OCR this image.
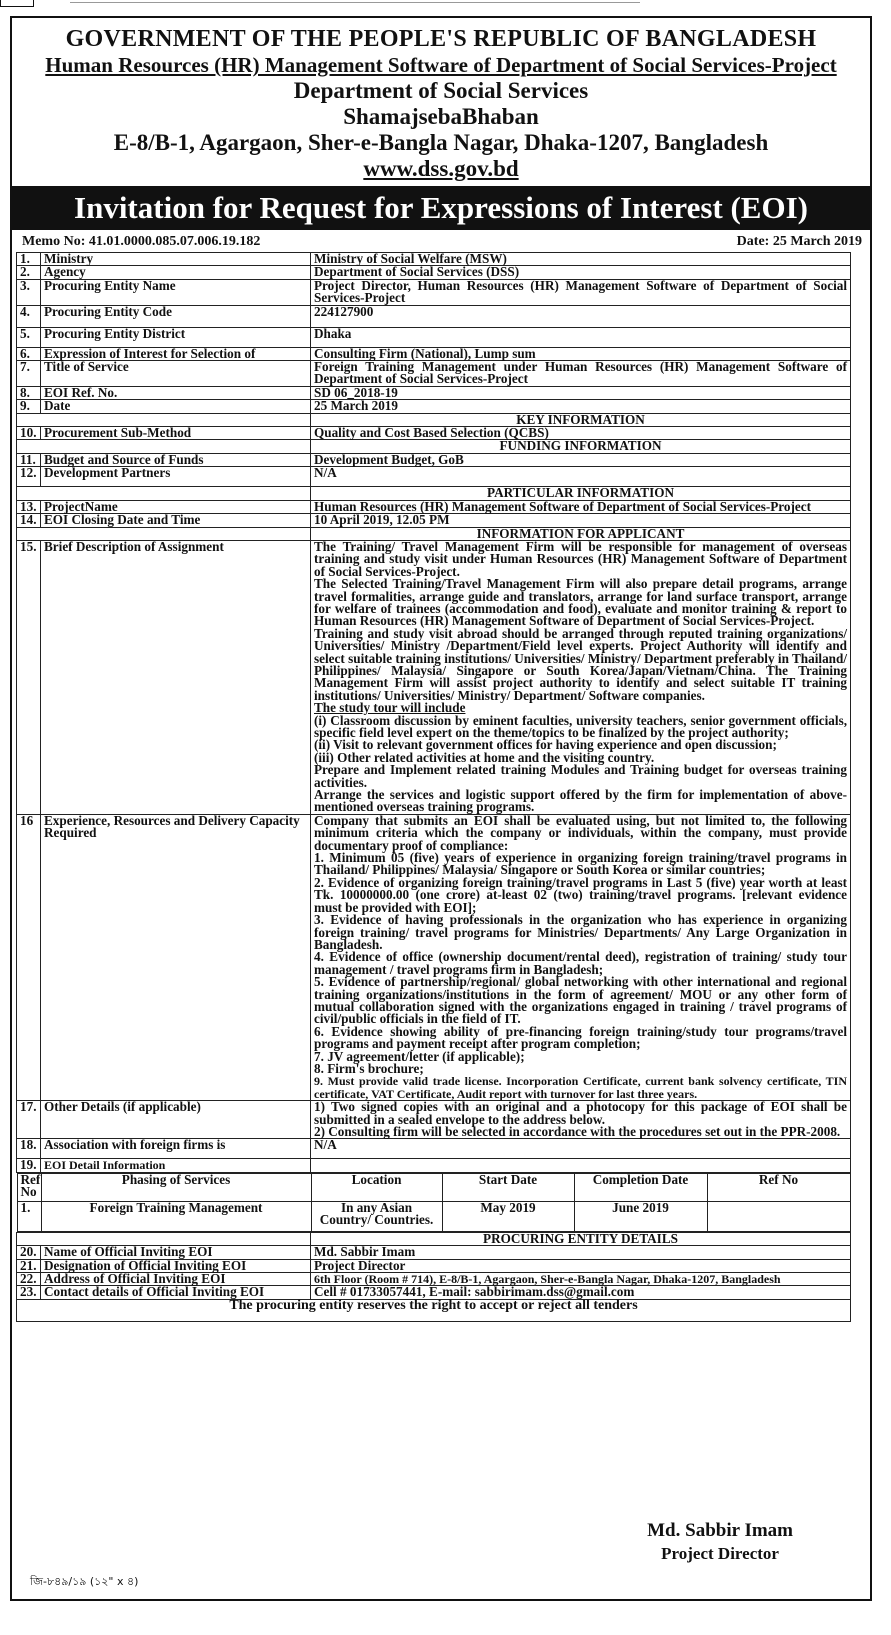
GOVERNMENT OF THE PEOPLE'S REPUBLIC OF BANGLADESH
Human Resources (HR) Management Software of Department of Social Services-Project
Department of Social Services
ShamajsebaBhaban
E-8/B-1, Agargaon, Sher-e-Bangla Nagar, Dhaka-1207, Bangladesh
www.dss.gov.bd
Invitation for Request for Expressions of Interest (EOI)
Memo No: 41.01.0000.085.07.006.19.182	Date: 25 March 2019
1.	Ministry	Ministry of Social Welfare (MSW)
2.	Agency	Department of Social Services (DSS)
3.	Procuring Entity Name	Project Director, Human Resources (HR) Management Software of Department of Social Services-Project
4.	Procuring Entity Code	224127900
5.	Procuring Entity District	Dhaka
6.	Expression of Interest for Selection of	Consulting Firm (National), Lump sum
7.	Title of Service	Foreign Training Management under Human Resources (HR) Management Software of Department of Social Services-Project
8.	EOI Ref. No.	SD 06_2018-19
9.	Date	25 March 2019
	KEY INFORMATION
10.	Procurement Sub-Method	Quality and Cost Based Selection (QCBS)
	FUNDING INFORMATION
11.	Budget and Source of Funds	Development Budget, GoB
12.	Development Partners	N/A
	PARTICULAR INFORMATION
13.	ProjectName	Human Resources (HR) Management Software of Department of Social Services-Project
14.	EOI Closing Date and Time	10 April 2019, 12.05 PM
	INFORMATION FOR APPLICANT
15.	Brief Description of Assignment	The Training/ Travel Management Firm will be responsible for management of overseas training and study visit under Human Resources (HR) Management Software of Department of Social Services-Project.
The Selected Training/Travel Management Firm will also prepare detail programs, arrange travel formalities, arrange guide and translators, arrange for land surface transport, arrange for welfare of trainees (accommodation and food), evaluate and monitor training & report to Human Resources (HR) Management Software of Department of Social Services-Project.
Training and study visit abroad should be arranged through reputed training organizations/ Universities/ Ministry /Department/Field level experts. Project Authority will identify and select suitable training institutions/ Universities/ Ministry/ Department preferably in Thailand/ Philippines/ Malaysia/ Singapore or South Korea/Japan/Vietnam/China. The Training Management Firm will assist project authority to identify and select suitable IT training institutions/ Universities/ Ministry/ Department/ Software companies.
The study tour will include
(i) Classroom discussion by eminent faculties, university teachers, senior government officials, specific field level expert on the theme/topics to be finalized by the project authority;
(ii) Visit to relevant government offices for having experience and open discussion;
(iii) Other related activities at home and the visiting country.
Prepare and Implement related training Modules and Training budget for overseas training activities.
Arrange the services and logistic support offered by the firm for implementation of above-mentioned overseas training programs.

16	Experience, Resources and Delivery Capacity Required	
Company that submits an EOI shall be evaluated using, but not limited to, the following minimum criteria which the company or individuals, within the company, must provide documentary proof of compliance:
1. Minimum 05 (five) years of experience in organizing foreign training/travel programs in Thailand/ Philippines/ Malaysia/ Singapore or South Korea or similar countries;
2. Evidence of organizing foreign training/travel programs in Last 5 (five) year worth at least Tk. 10000000.00 (one crore) at-least 02 (two) training/travel programs. [relevant evidence must be provided with EOI];
3. Evidence of having professionals in the organization who has experience in organizing foreign training/ travel programs for Ministries/ Departments/ Any Large Organization in Bangladesh.
4. Evidence of office (ownership document/rental deed), registration of training/ study tour management / travel programs firm in Bangladesh;
5. Evidence of partnership/regional/ global networking with other international and regional training organizations/institutions in the form of agreement/ MOU or any other form of mutual collaboration signed with the organizations engaged in training / travel programs of civil/public officials in the field of IT.
6. Evidence showing ability of pre-financing foreign training/study tour programs/travel programs and payment receipt after program completion;
7. JV agreement/letter (if applicable);
8. Firm's brochure;
9. Must provide valid trade license. Incorporation Certificate, current bank solvency certificate, TIN certificate, VAT Certificate, Audit report with turnover for last three years.

17.	Other Details (if applicable)	1) Two signed copies with an original and a photocopy for this package of EOI shall be submitted in a sealed envelope to the address below.
2) Consulting firm will be selected in accordance with the procedures set out in the PPR-2008.

18.	Association with foreign firms is	N/A
19.	EOI Detail Information	

Ref No	Phasing of Services	Location	Start Date	Completion Date	Ref No
1.	Foreign Training Management	In any Asian Country/ Countries.	May 2019	June 2019	

	PROCURING ENTITY DETAILS
20.	Name of Official Inviting EOI	Md. Sabbir Imam
21.	Designation of Official Inviting EOI	Project Director
22.	Address of Official Inviting EOI	6th Floor (Room # 714), E-8/B-1, Agargaon, Sher-e-Bangla Nagar, Dhaka-1207, Bangladesh
23.	Contact details of Official Inviting EOI	Cell # 01733057441, E-mail: sabbirimam.dss@gmail.com
The procuring entity reserves the right to accept or reject all tenders
জি-৮৪৯/১৯ (১২" x ৪)
Md. Sabbir Imam
Project Director
